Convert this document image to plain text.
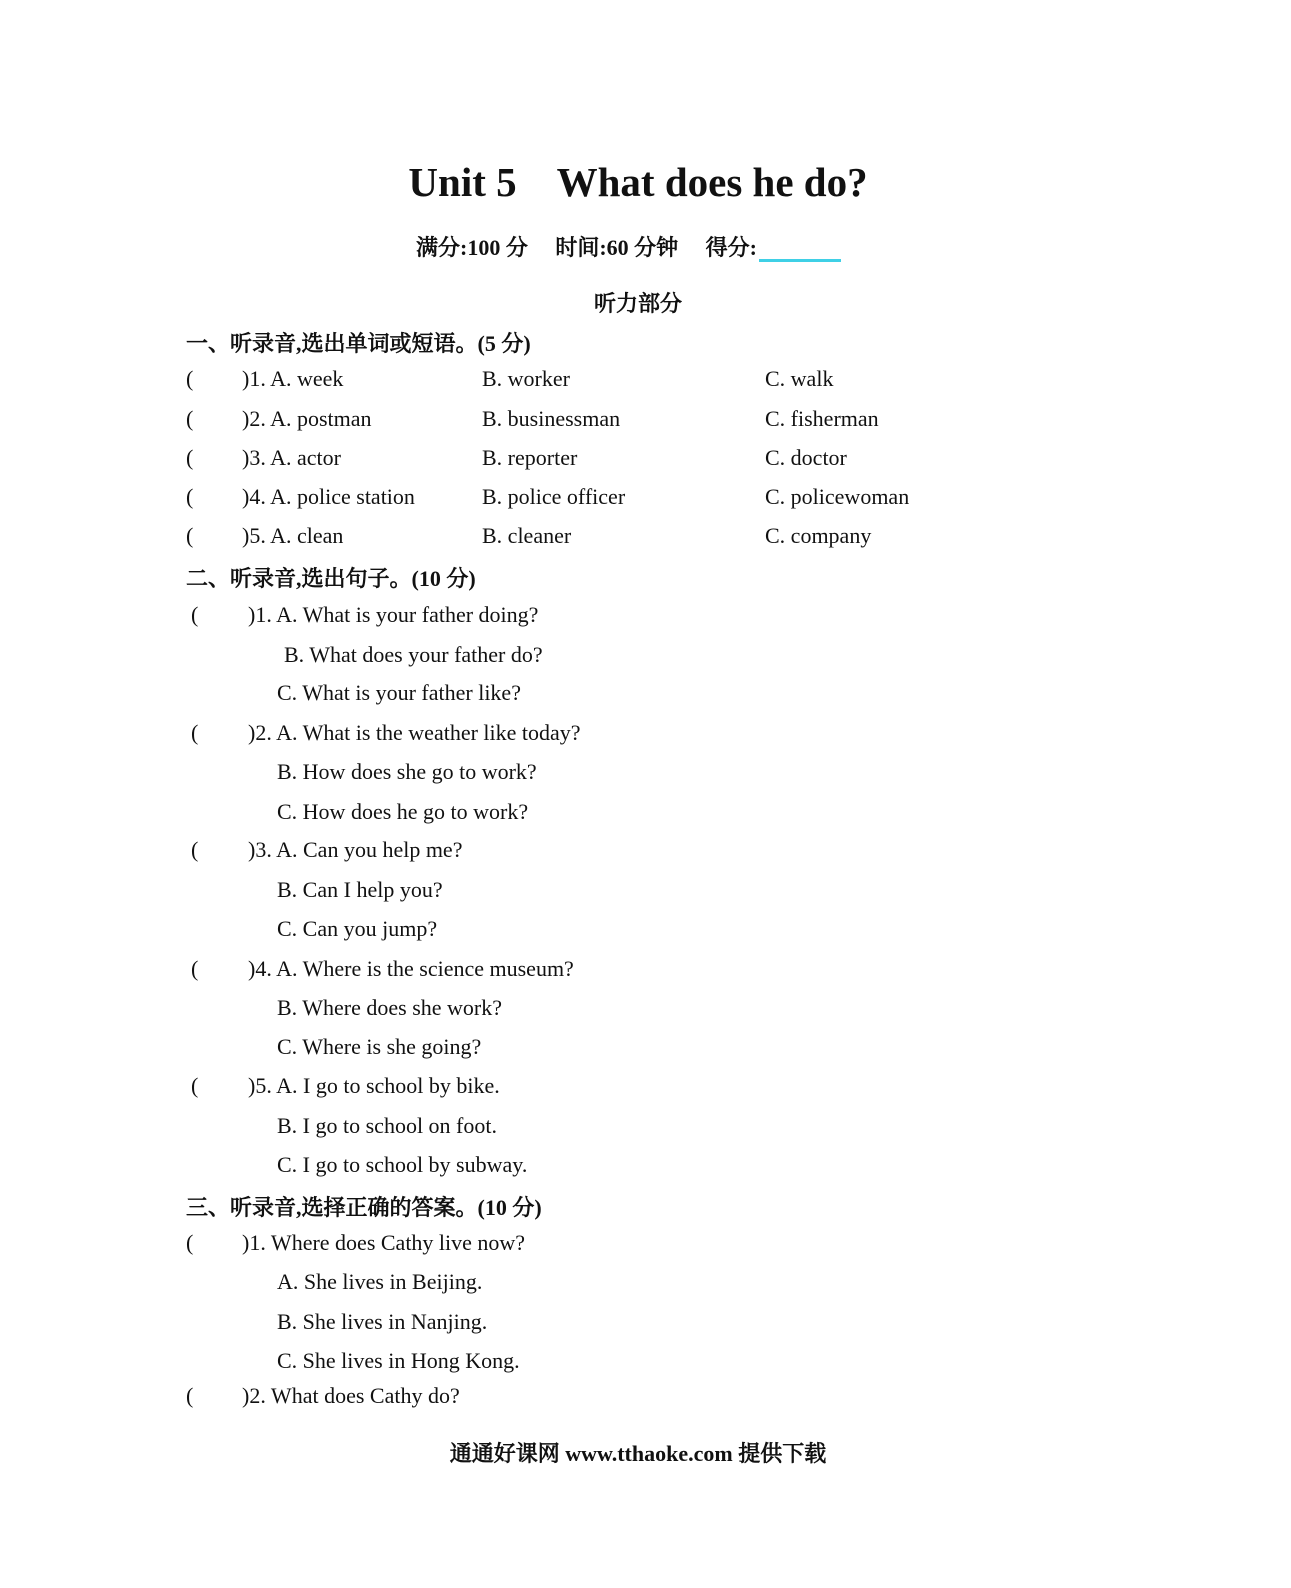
Unit 5 What does he do?
满分:100 分 时间:60 分钟 得分:
听力部分
一、听录音,选出单词或短语。(5 分)
( )1. A. week	B. worker	C. walk
( )2. A. postman	B. businessman	C. fisherman
( )3. A. actor	B. reporter	C. doctor
( )4. A. police station	B. police officer	C. policewoman
( )5. A. clean	B. cleaner	C. company
二、听录音,选出句子。(10 分)
( )1. A. What is your father doing?
B. What does your father do?
C. What is your father like?
( )2. A. What is the weather like today?
B. How does she go to work?
C. How does he go to work?
( )3. A. Can you help me?
B. Can I help you?
C. Can you jump?
( )4. A. Where is the science museum?
B. Where does she work?
C. Where is she going?
( )5. A. I go to school by bike.
B. I go to school on foot.
C. I go to school by subway.
三、听录音,选择正确的答案。(10 分)
( )1. Where does Cathy live now?
A. She lives in Beijing.
B. She lives in Nanjing.
C. She lives in Hong Kong.
( )2. What does Cathy do?
通通好课网 www.tthaoke.com 提供下载
